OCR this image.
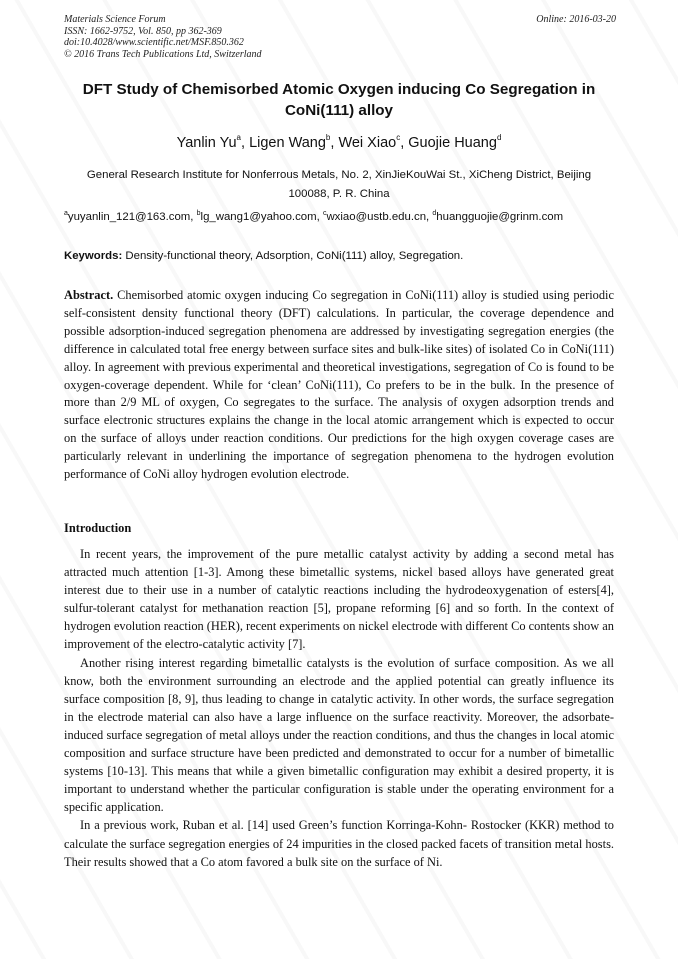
Materials Science Forum
ISSN: 1662-9752, Vol. 850, pp 362-369
doi:10.4028/www.scientific.net/MSF.850.362
© 2016 Trans Tech Publications Ltd, Switzerland
Online: 2016-03-20
DFT Study of Chemisorbed Atomic Oxygen inducing Co Segregation in CoNi(111) alloy
Yanlin Yu$^a$, Ligen Wang$^b$, Wei Xiao$^c$, Guojie Huang$^d$
General Research Institute for Nonferrous Metals, No. 2, XinJieKouWai St., XiCheng District, Beijing 100088, P. R. China
$^a$yuyanlin_121@163.com, $^b$lg_wang1@yahoo.com, $^c$wxiao@ustb.edu.cn, $^d$huangguojie@grinm.com
Keywords: Density-functional theory, Adsorption, CoNi(111) alloy, Segregation.
Abstract. Chemisorbed atomic oxygen inducing Co segregation in CoNi(111) alloy is studied using periodic self-consistent density functional theory (DFT) calculations. In particular, the coverage dependence and possible adsorption-induced segregation phenomena are addressed by investigating segregation energies (the difference in calculated total free energy between surface sites and bulk-like sites) of isolated Co in CoNi(111) alloy. In agreement with previous experimental and theoretical investigations, segregation of Co is found to be oxygen-coverage dependent. While for ‘clean’ CoNi(111), Co prefers to be in the bulk. In the presence of more than 2/9 ML of oxygen, Co segregates to the surface. The analysis of oxygen adsorption trends and surface electronic structures explains the change in the local atomic arrangement which is expected to occur on the surface of alloys under reaction conditions. Our predictions for the high oxygen coverage cases are particularly relevant in underlining the importance of segregation phenomena to the hydrogen evolution performance of CoNi alloy hydrogen evolution electrode.
Introduction

In recent years, the improvement of the pure metallic catalyst activity by adding a second metal has attracted much attention [1-3]. Among these bimetallic systems, nickel based alloys have generated great interest due to their use in a number of catalytic reactions including the hydrodeoxygenation of esters[4], sulfur-tolerant catalyst for methanation reaction [5], propane reforming [6] and so forth. In the context of hydrogen evolution reaction (HER), recent experiments on nickel electrode with different Co contents show an improvement of the electro-catalytic activity [7].

Another rising interest regarding bimetallic catalysts is the evolution of surface composition. As we all know, both the environment surrounding an electrode and the applied potential can greatly influence its surface composition [8, 9], thus leading to change in catalytic activity. In other words, the surface segregation in the electrode material can also have a large influence on the surface reactivity. Moreover, the adsorbate-induced surface segregation of metal alloys under the reaction conditions, and thus the changes in local atomic composition and surface structure have been predicted and demonstrated to occur for a number of bimetallic systems [10-13]. This means that while a given bimetallic configuration may exhibit a desired property, it is important to understand whether the particular configuration is stable under the operating environment for a specific application.

In a previous work, Ruban et al. [14] used Green’s function Korringa-Kohn- Rostocker (KKR) method to calculate the surface segregation energies of 24 impurities in the closed packed facets of transition metal hosts. Their results showed that a Co atom favored a bulk site on the surface of Ni.
